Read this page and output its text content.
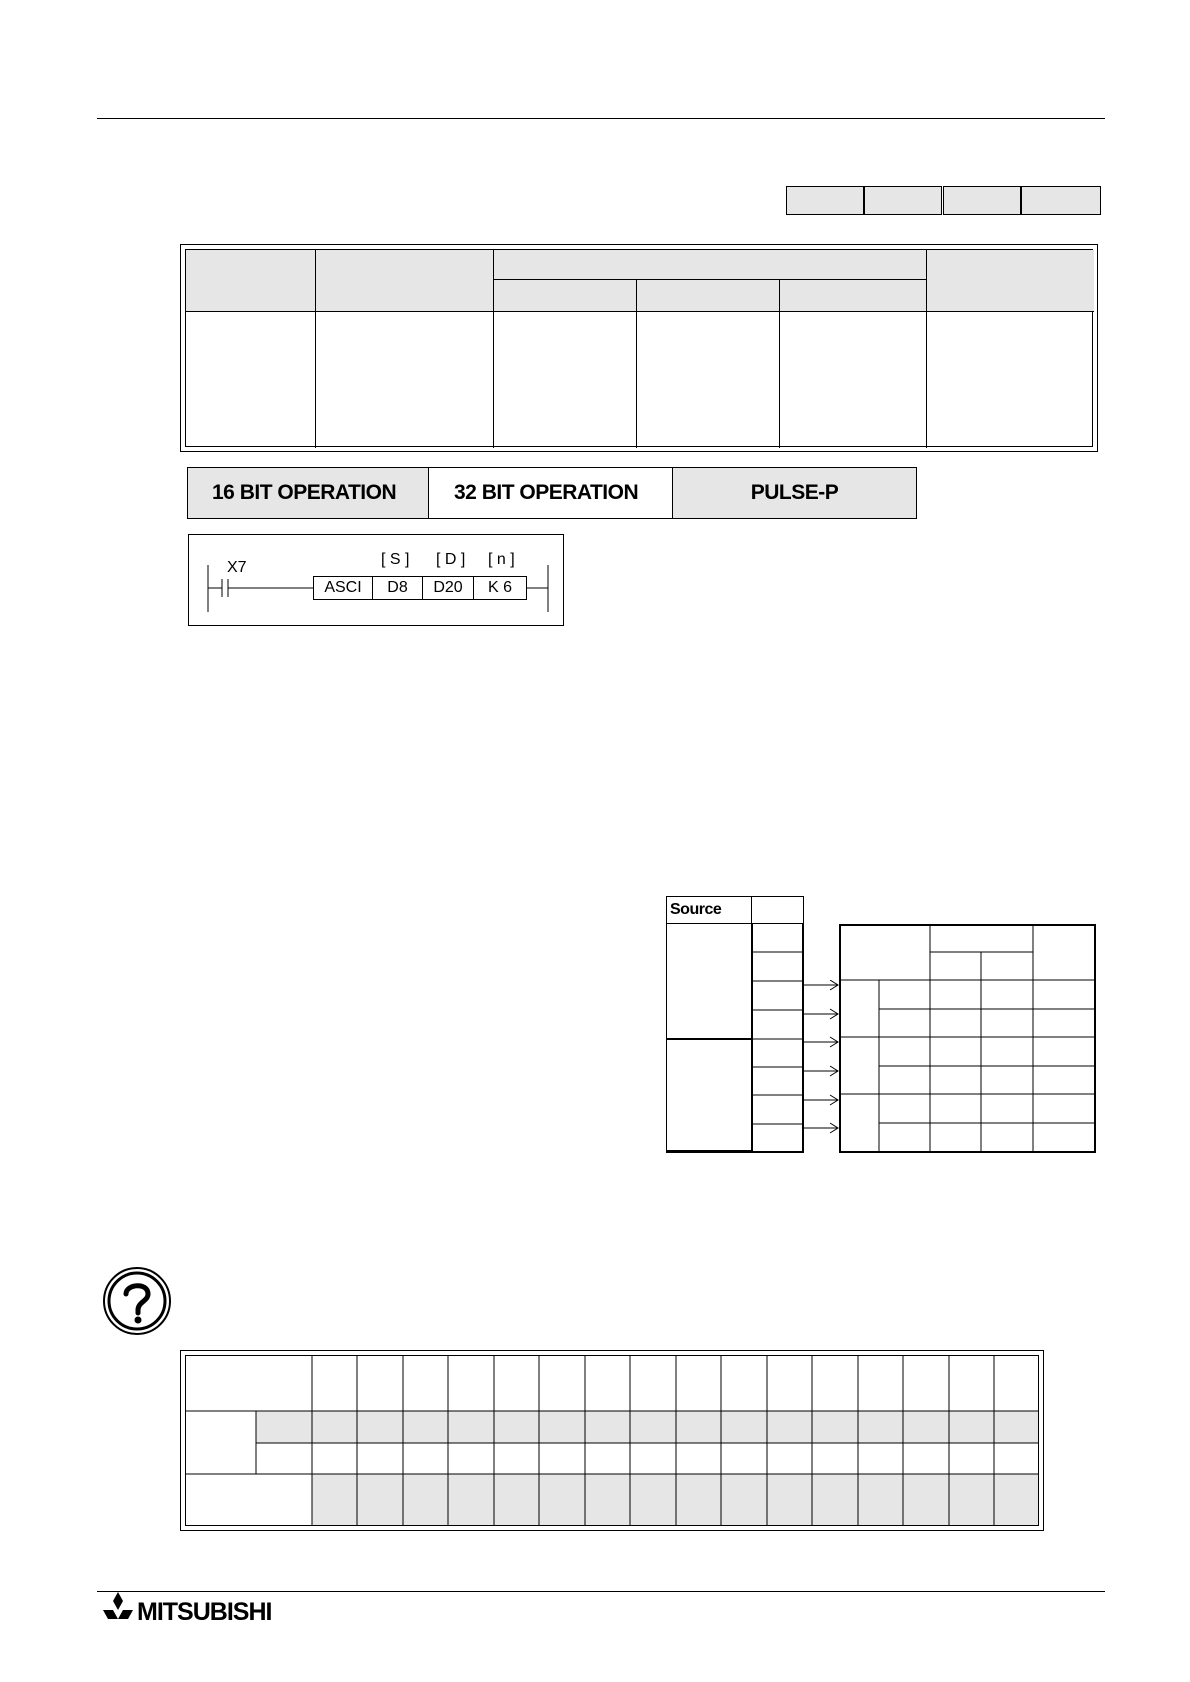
16 BIT OPERATION	32 BIT OPERATION	PULSE-P
X7	[ S ] [ D ] [ n ]
ASCI	D8	D20	K 6
Source
MITSUBISHI
